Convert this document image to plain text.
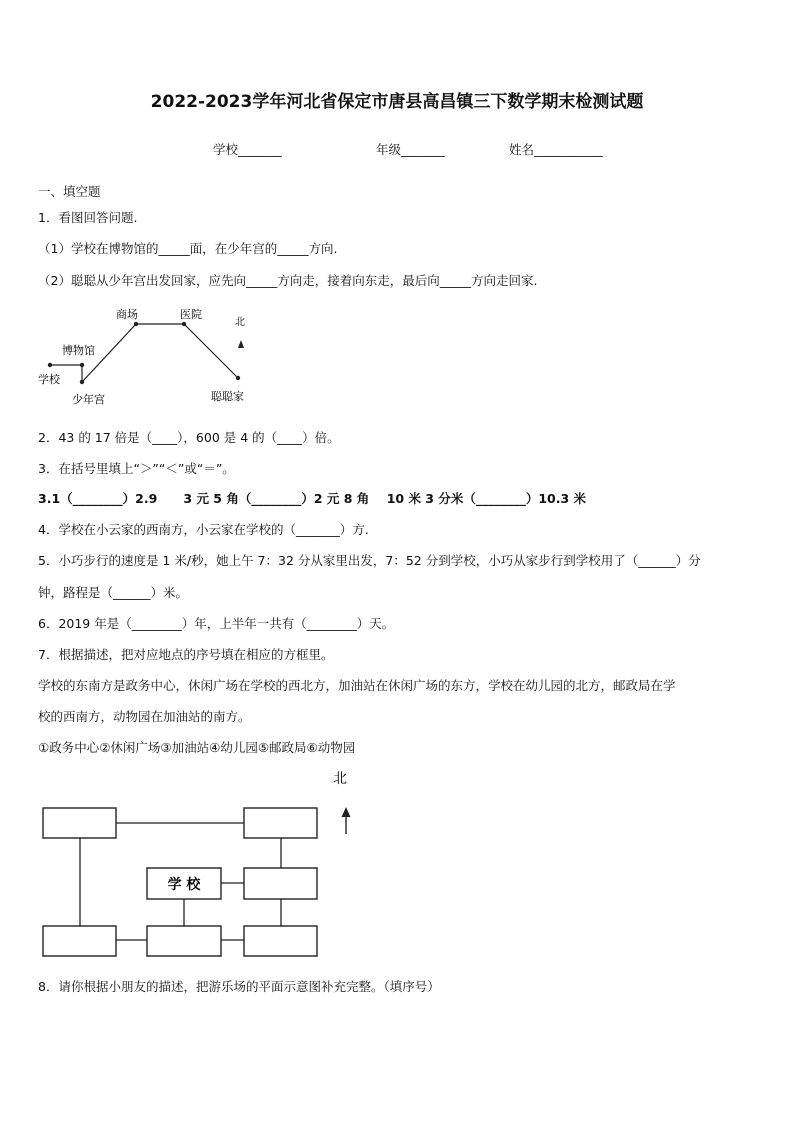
2022-2023学年河北省保定市唐县高昌镇三下数学期末检测试题
学校_______	年级_______	姓名___________
一、填空题
1．看图回答问题.
（1）学校在博物馆的_____面，在少年宫的_____方向.
（2）聪聪从少年宫出发回家，应先向_____方向走，接着向东走，最后向_____方向走回家.
商场	医院
北
博物馆
学校
少年宫	聪聪家
2．43 的 17 倍是（____），600 是 4 的（____）倍。
3．在括号里填上“＞”“＜”或“＝”。
3.1（________）2.9      3 元 5 角（________）2 元 8 角    10 米 3 分米（________）10.3 米
4．学校在小云家的西南方，小云家在学校的（_______）方.
5．小巧步行的速度是 1 米/秒，她上午 7：32 分从家里出发，7：52 分到学校，小巧从家步行到学校用了（______）分
钟，路程是（______）米。
6．2019 年是（________）年，上半年一共有（________）天。
7．根据描述，把对应地点的序号填在相应的方框里。
学校的东南方是政务中心，休闲广场在学校的西北方，加油站在休闲广场的东方，学校在幼儿园的北方，邮政局在学
校的西南方，动物园在加油站的南方。
①政务中心②休闲广场③加油站④幼儿园⑤邮政局⑥动物园
学 校
北
8．请你根据小朋友的描述，把游乐场的平面示意图补充完整。（填序号）
